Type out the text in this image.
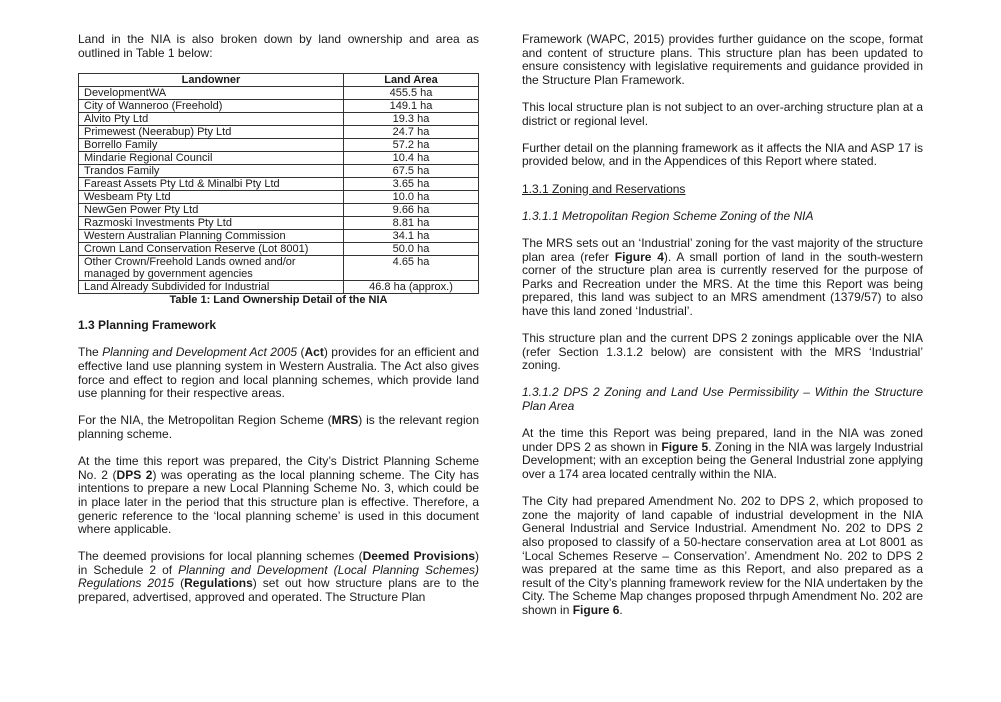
Land in the NIA is also broken down by land ownership and area as outlined in Table 1 below:

Landowner	Land Area
DevelopmentWA	455.5 ha
City of Wanneroo (Freehold)	149.1 ha
Alvito Pty Ltd	19.3 ha
Primewest (Neerabup) Pty Ltd	24.7 ha
Borrello Family	57.2 ha
Mindarie Regional Council	10.4 ha
Trandos Family	67.5 ha
Fareast Assets Pty Ltd & Minalbi Pty Ltd	3.65 ha
Wesbeam Pty Ltd	10.0 ha
NewGen Power Pty Ltd	9.66 ha
Razmoski Investments Pty Ltd	8.81 ha
Western Australian Planning Commission	34.1 ha
Crown Land Conservation Reserve (Lot 8001)	50.0 ha
Other Crown/Freehold Lands owned and/or managed by government agencies	4.65 ha
Land Already Subdivided for Industrial	46.8 ha (approx.)
Table 1: Land Ownership Detail of the NIA
1.3 Planning Framework

The Planning and Development Act 2005 (Act) provides for an efficient and effective land use planning system in Western Australia. The Act also gives force and effect to region and local planning schemes, which provide land use planning for their respective areas.

For the NIA, the Metropolitan Region Scheme (MRS) is the relevant region planning scheme.

At the time this report was prepared, the City’s District Planning Scheme No. 2 (DPS 2) was operating as the local planning scheme. The City has intentions to prepare a new Local Planning Scheme No. 3, which could be in place later in the period that this structure plan is effective. Therefore, a generic reference to the ‘local planning scheme’ is used in this document where applicable.

The deemed provisions for local planning schemes (Deemed Provisions) in Schedule 2 of Planning and Development (Local Planning Schemes) Regulations 2015 (Regulations) set out how structure plans are to the prepared, advertised, approved and operated. The Structure Plan

Framework (WAPC, 2015) provides further guidance on the scope, format and content of structure plans. This structure plan has been updated to ensure consistency with legislative requirements and guidance provided in the Structure Plan Framework.

This local structure plan is not subject to an over-arching structure plan at a district or regional level.

Further detail on the planning framework as it affects the NIA and ASP 17 is provided below, and in the Appendices of this Report where stated.

1.3.1 Zoning and Reservations

1.3.1.1 Metropolitan Region Scheme Zoning of the NIA

The MRS sets out an ‘Industrial’ zoning for the vast majority of the structure plan area (refer Figure 4). A small portion of land in the south-western corner of the structure plan area is currently reserved for the purpose of Parks and Recreation under the MRS. At the time this Report was being prepared, this land was subject to an MRS amendment (1379/57) to also have this land zoned ‘Industrial’.

This structure plan and the current DPS 2 zonings applicable over the NIA (refer Section 1.3.1.2 below) are consistent with the MRS ‘Industrial’ zoning.

1.3.1.2 DPS 2 Zoning and Land Use Permissibility – Within the Structure Plan Area

At the time this Report was being prepared, land in the NIA was zoned under DPS 2 as shown in Figure 5. Zoning in the NIA was largely Industrial Development; with an exception being the General Industrial zone applying over a 174 area located centrally within the NIA.

The City had prepared Amendment No. 202 to DPS 2, which proposed to zone the majority of land capable of industrial development in the NIA General Industrial and Service Industrial. Amendment No. 202 to DPS 2 also proposed to classify of a 50-hectare conservation area at Lot 8001 as ‘Local Schemes Reserve – Conservation’. Amendment No. 202 to DPS 2 was prepared at the same time as this Report, and also prepared as a result of the City’s planning framework review for the NIA undertaken by the City. The Scheme Map changes proposed thrpugh Amendment No. 202 are shown in Figure 6.
